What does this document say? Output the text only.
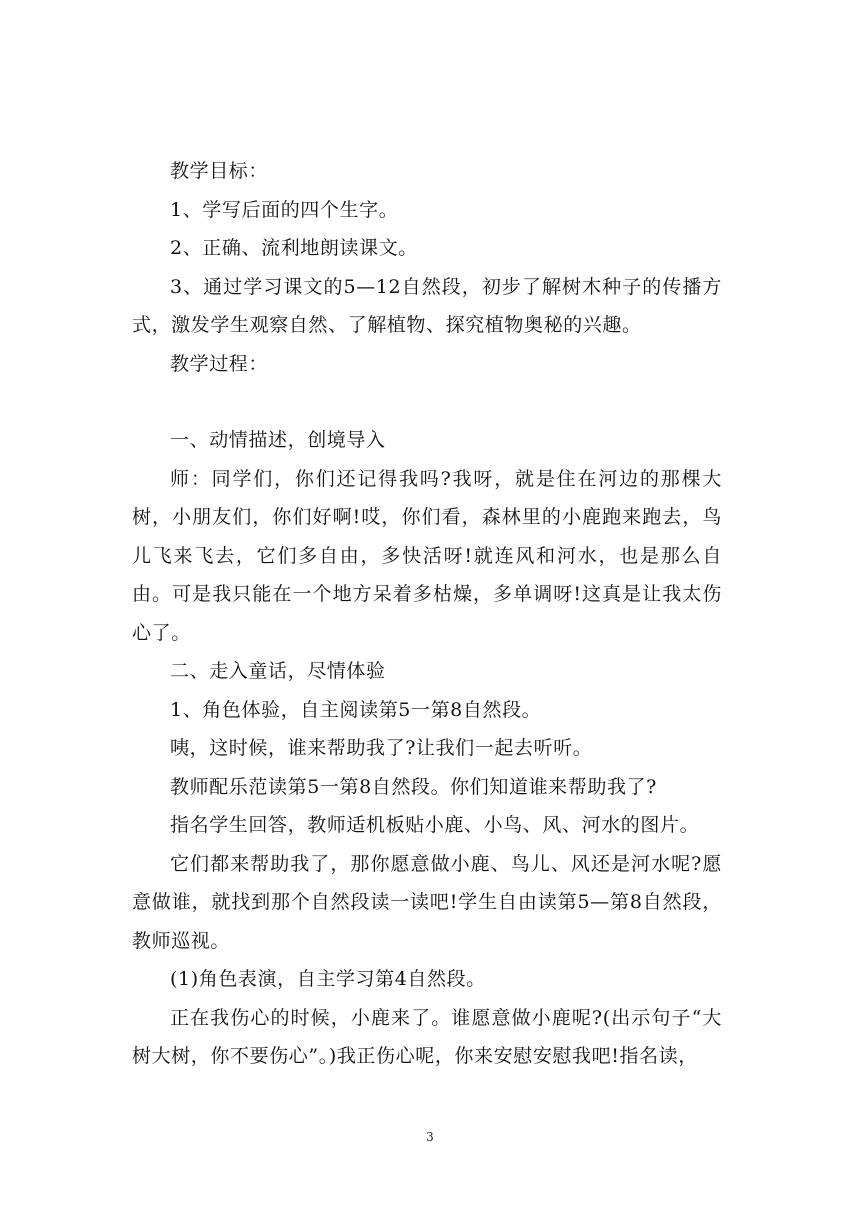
教学目标：

1、学写后面的四个生字。

2、正确、流利地朗读课文。

3、通过学习课文的5—12自然段，初步了解树木种子的传播方式，激发学生观察自然、了解植物、探究植物奥秘的兴趣。

教学过程：

一、动情描述，创境导入

师：同学们，你们还记得我吗?我呀，就是住在河边的那棵大树，小朋友们，你们好啊!哎，你们看，森林里的小鹿跑来跑去，鸟儿飞来飞去，它们多自由，多快活呀!就连风和河水，也是那么自由。可是我只能在一个地方呆着多枯燥，多单调呀!这真是让我太伤心了。

二、走入童话，尽情体验

1、角色体验，自主阅读第5一第8自然段。

咦，这时候，谁来帮助我了?让我们一起去听听。

教师配乐范读第5一第8自然段。你们知道谁来帮助我了?

指名学生回答，教师适机板贴小鹿、小鸟、风、河水的图片。

它们都来帮助我了，那你愿意做小鹿、鸟儿、风还是河水呢?愿意做谁，就找到那个自然段读一读吧!学生自由读第5—第8自然段，教师巡视。

(1)角色表演，自主学习第4自然段。

正在我伤心的时候，小鹿来了。谁愿意做小鹿呢?(出示句子“大树大树，你不要伤心”。)我正伤心呢，你来安慰安慰我吧!指名读，

3
